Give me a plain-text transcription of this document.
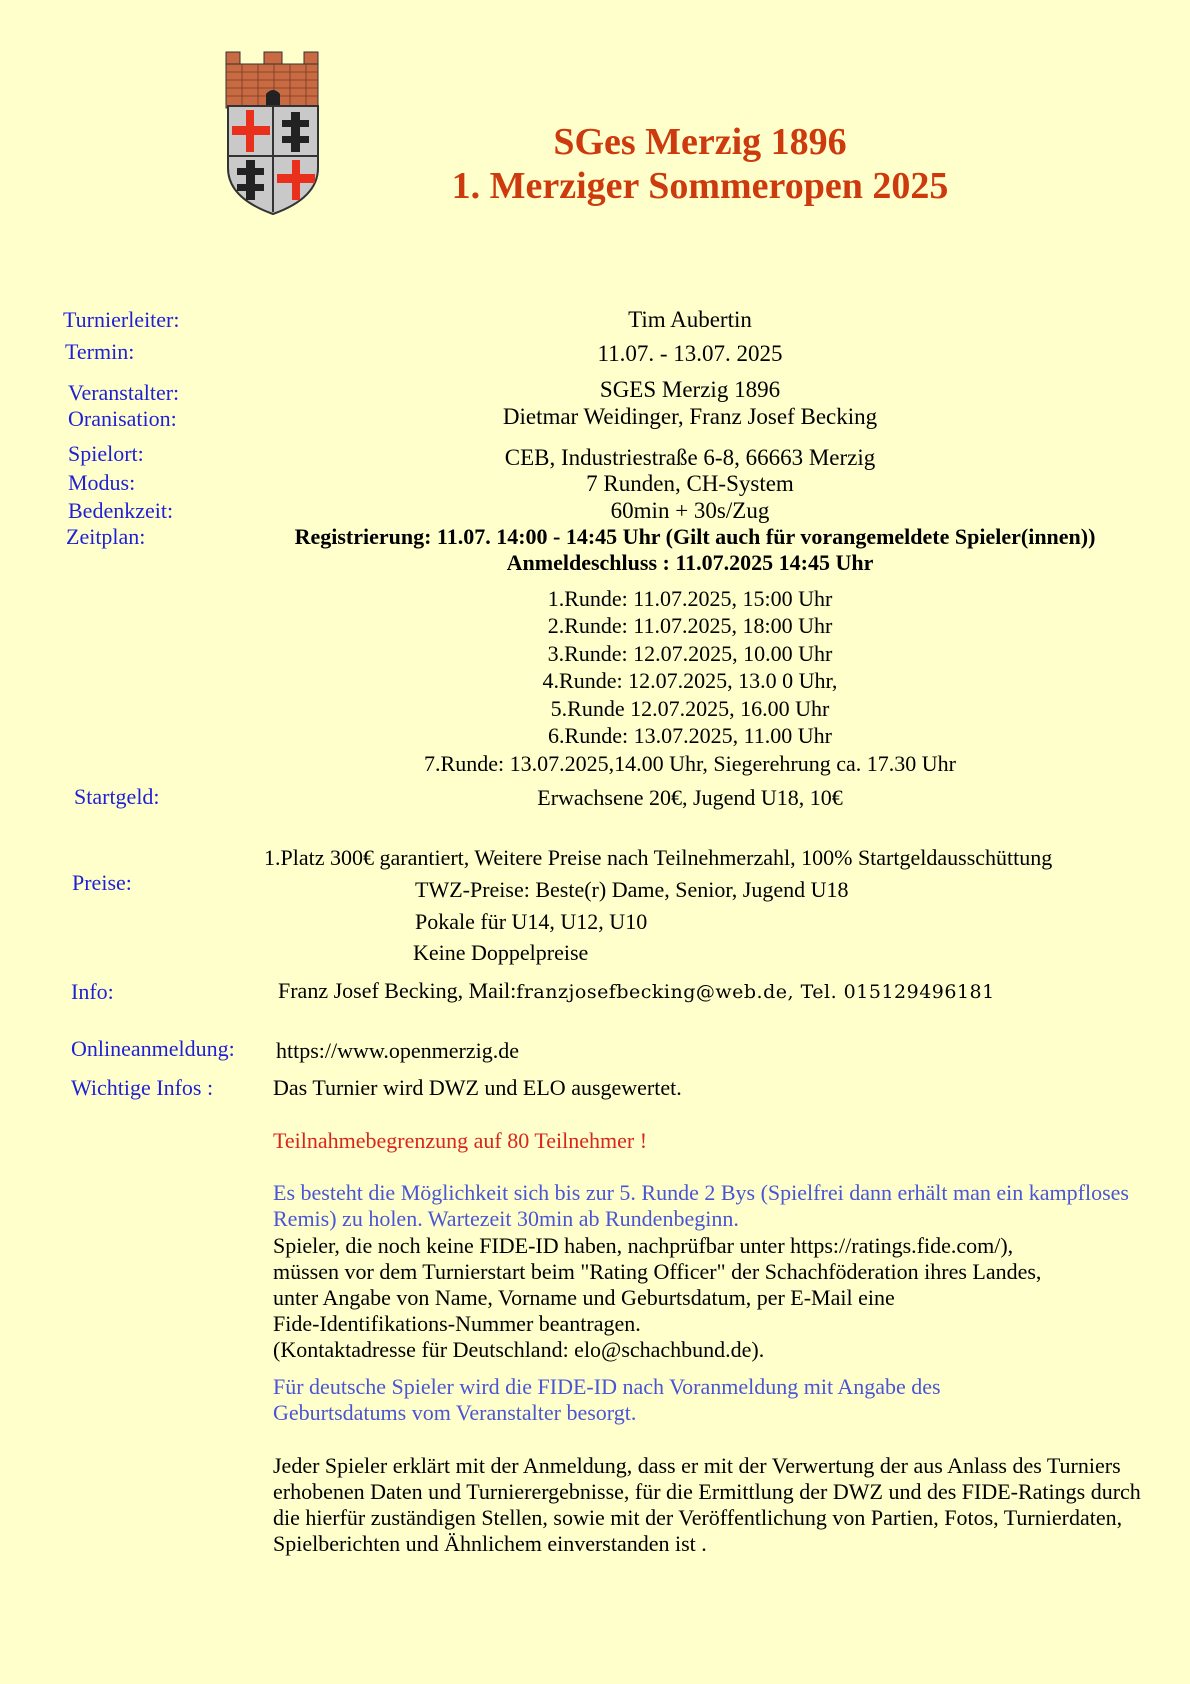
SGes Merzig 1896
1. Merziger Sommeropen 2025
Turnierleiter:
Termin:
Veranstalter:
Oranisation:
Spielort:
Modus:
Bedenkzeit:
Zeitplan:
Startgeld:
Preise:
Info:
Onlineanmeldung:
Wichtige Infos :
Tim Aubertin
11.07. - 13.07. 2025
SGES Merzig 1896
Dietmar Weidinger, Franz Josef Becking
CEB, Industriestraße 6-8, 66663 Merzig
7 Runden, CH-System
60min + 30s/Zug
Registrierung: 11.07. 14:00 - 14:45 Uhr (Gilt auch für vorangemeldete Spieler(innen))
Anmeldeschluss : 11.07.2025 14:45 Uhr
1.Runde: 11.07.2025, 15:00 Uhr
2.Runde: 11.07.2025, 18:00 Uhr
3.Runde: 12.07.2025, 10.00 Uhr
4.Runde: 12.07.2025, 13.0 0 Uhr,
5.Runde 12.07.2025, 16.00 Uhr
6.Runde: 13.07.2025, 11.00 Uhr
7.Runde: 13.07.2025,14.00 Uhr, Siegerehrung ca. 17.30 Uhr
Erwachsene 20€, Jugend U18, 10€
1.Platz 300€ garantiert, Weitere Preise nach Teilnehmerzahl, 100% Startgeldausschüttung
TWZ-Preise: Beste(r) Dame, Senior, Jugend U18
Pokale für U14, U12, U10
Keine Doppelpreise
Franz Josef Becking, Mail:franzjosefbecking@web.de, Tel. 015129496181
https://www.openmerzig.de
Das Turnier wird DWZ und ELO ausgewertet.
Teilnahmebegrenzung auf 80 Teilnehmer !
Es besteht die Möglichkeit sich bis zur 5. Runde 2 Bys (Spielfrei dann erhält man ein kampfloses Remis) zu holen. Wartezeit 30min ab Rundenbeginn.
Spieler, die noch keine FIDE-ID haben, nachprüfbar unter https://ratings.fide.com/),
müssen vor dem Turnierstart beim "Rating Officer" der Schachföderation ihres Landes,
unter Angabe von Name, Vorname und Geburtsdatum, per E-Mail eine
Fide-Identifikations-Nummer beantragen.
(Kontaktadresse für Deutschland: elo@schachbund.de).
Für deutsche Spieler wird die FIDE-ID nach Voranmeldung mit Angabe des Geburtsdatums vom Veranstalter besorgt.
Jeder Spieler erklärt mit der Anmeldung, dass er mit der Verwertung der aus Anlass des Turniers erhobenen Daten und Turnierergebnisse, für die Ermittlung der DWZ und des FIDE-Ratings durch die hierfür zuständigen Stellen, sowie mit der Veröffentlichung von Partien, Fotos, Turnierdaten, Spielberichten und Ähnlichem einverstanden ist .
